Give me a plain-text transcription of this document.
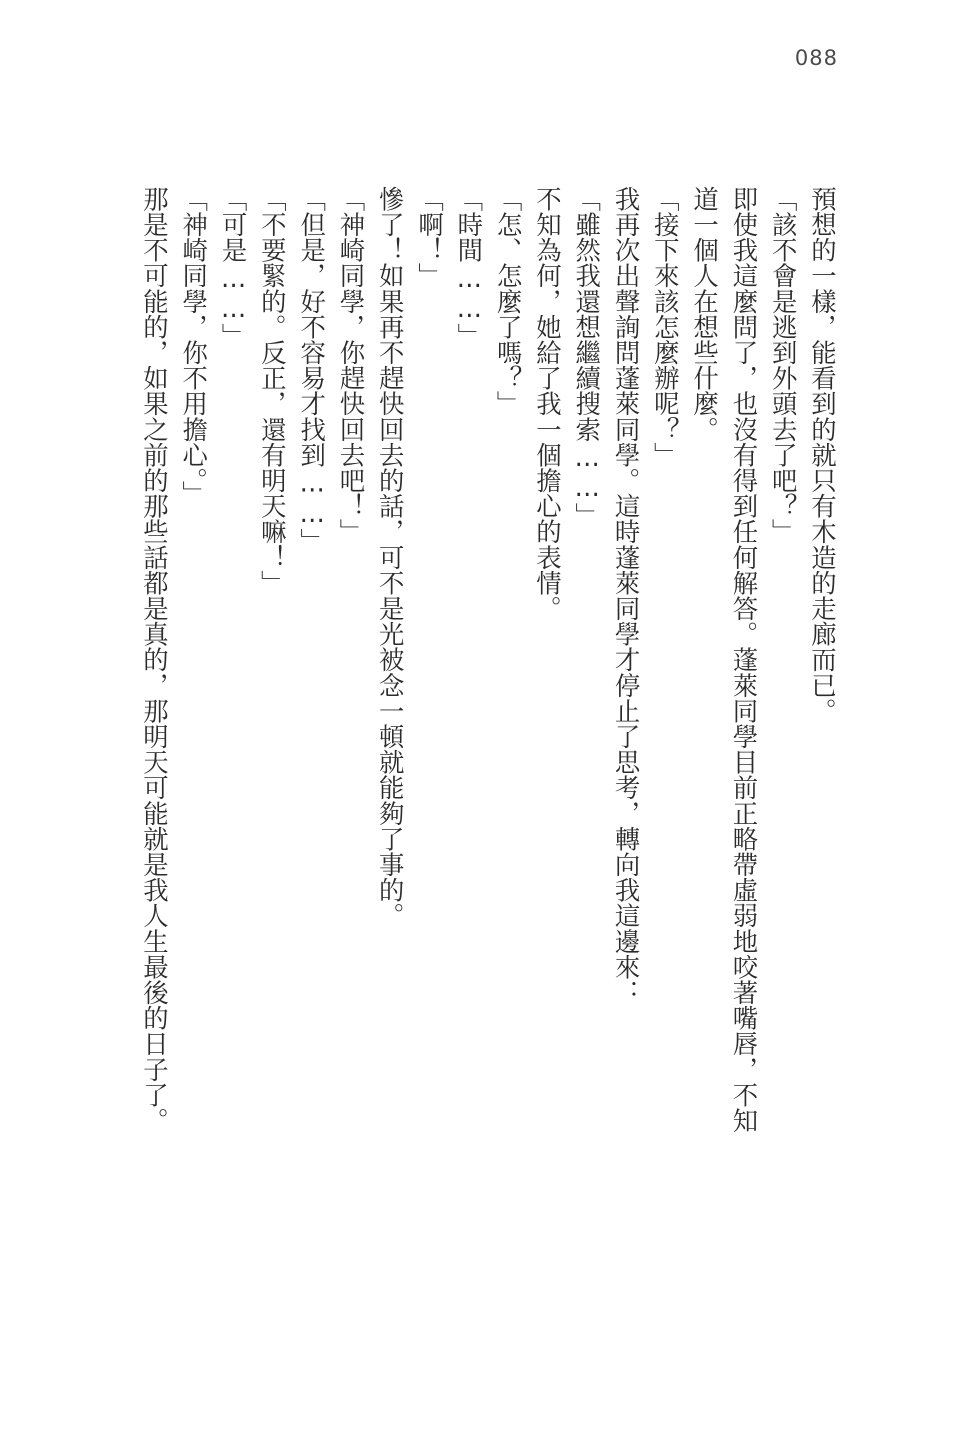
088
預想的一樣，能看到的就只有木造的走廊而已。
「該不會是逃到外頭去了吧？」
即使我這麼問了，也沒有得到任何解答。蓬萊同學目前正略帶虛弱地咬著嘴唇，不知
道一個人在想些什麼。
「接下來該怎麼辦呢？」
我再次出聲詢問蓬萊同學。這時蓬萊同學才停止了思考，轉向我這邊來：
「雖然我還想繼續搜索……」
不知為何，她給了我一個擔心的表情。
「怎、怎麼了嗎？」
「時間……」
「啊！」
慘了！如果再不趕快回去的話，可不是光被念一頓就能夠了事的。
「神崎同學，你趕快回去吧！」
「但是，好不容易才找到……」
「不要緊的。反正，還有明天嘛！」
「可是……」
「神崎同學，你不用擔心。」
那是不可能的，如果之前的那些話都是真的，那明天可能就是我人生最後的日子了。
